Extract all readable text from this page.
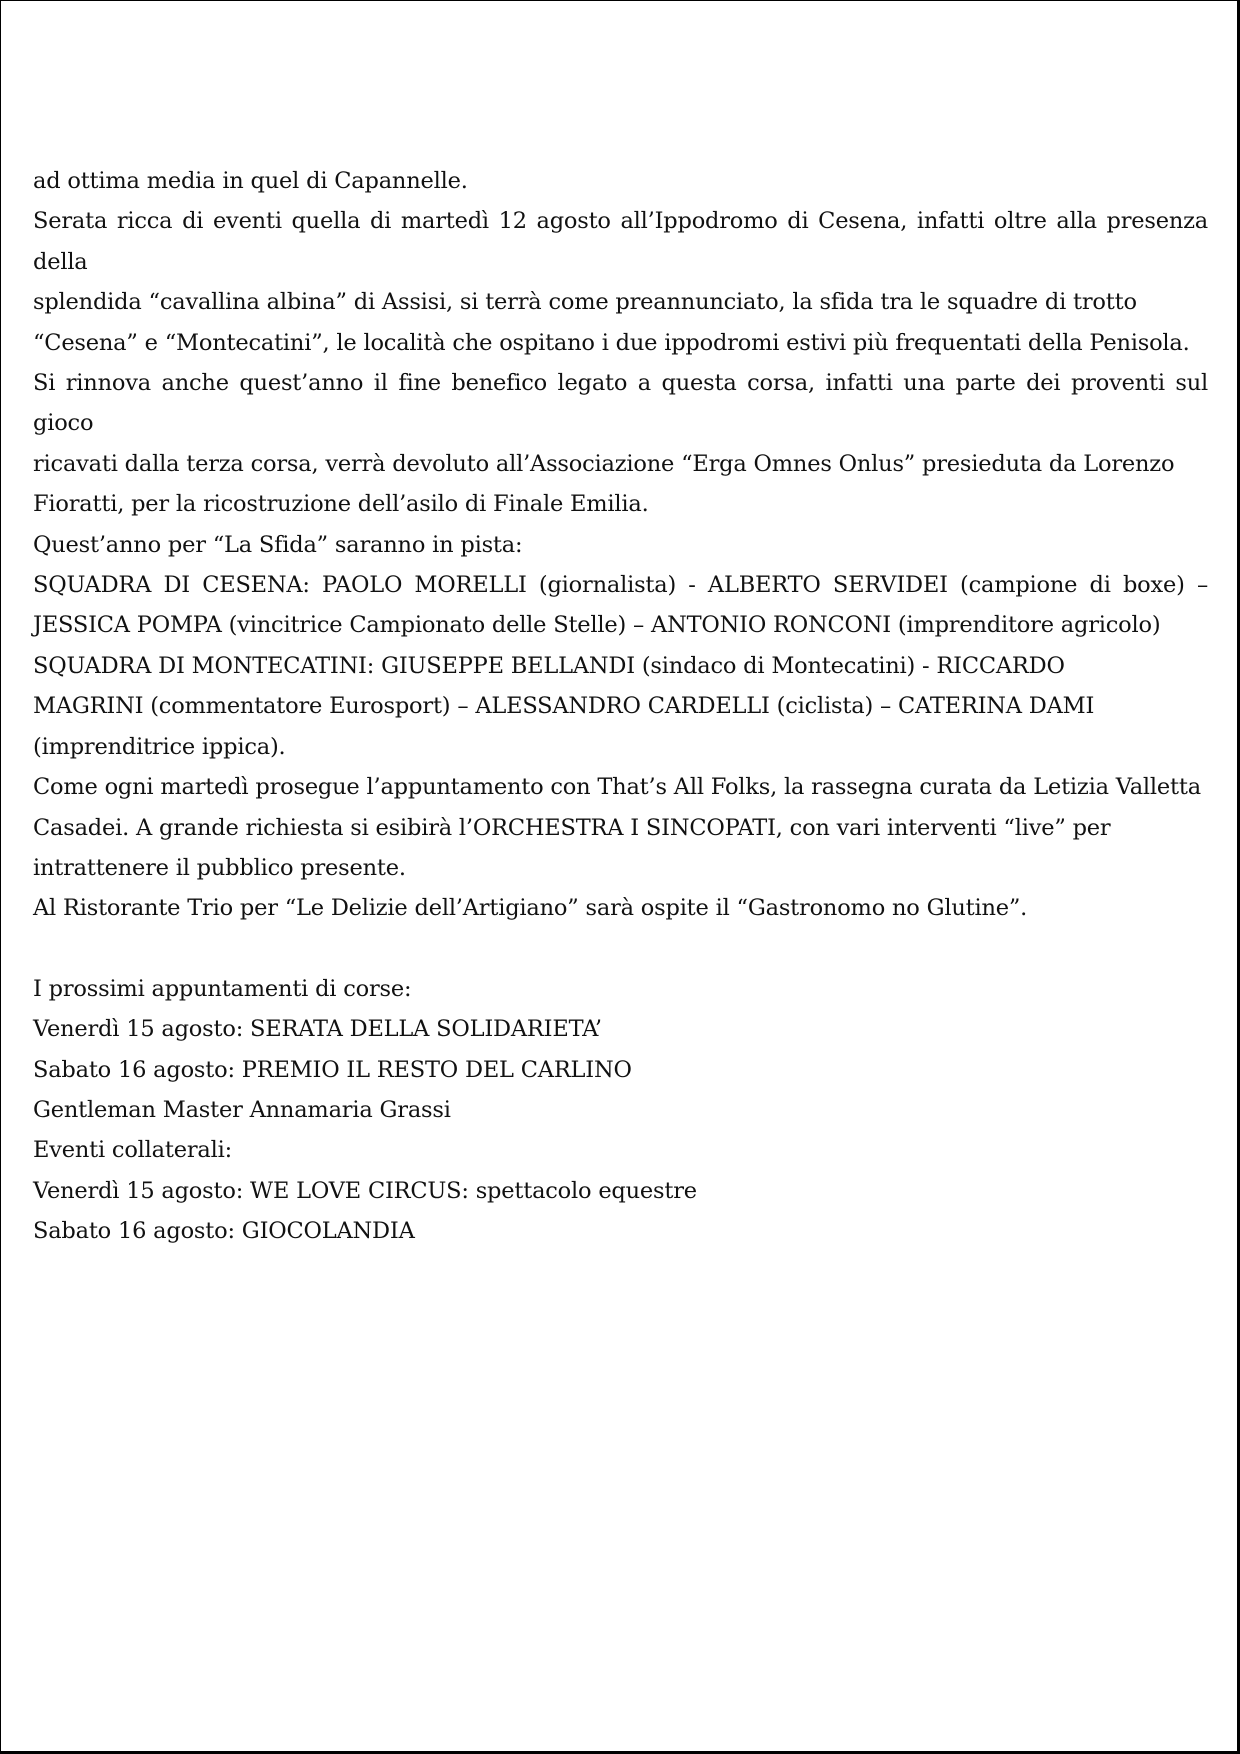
ad ottima media in quel di Capannelle.

Serata ricca di eventi quella di martedì 12 agosto all’Ippodromo di Cesena, infatti oltre alla presenza della
splendida “cavallina albina” di Assisi, si terrà come preannunciato, la sfida tra le squadre di trotto
“Cesena” e “Montecatini”, le località che ospitano i due ippodromi estivi più frequentati della Penisola.

Si rinnova anche quest’anno il fine benefico legato a questa corsa, infatti una parte dei proventi sul gioco
ricavati dalla terza corsa, verrà devoluto all’Associazione “Erga Omnes Onlus” presieduta da Lorenzo
Fioratti, per la ricostruzione dell’asilo di Finale Emilia.

Quest’anno per “La Sfida” saranno in pista:

SQUADRA DI CESENA: PAOLO MORELLI (giornalista) - ALBERTO SERVIDEI (campione di boxe) –
JESSICA POMPA (vincitrice Campionato delle Stelle) – ANTONIO RONCONI (imprenditore agricolo)

SQUADRA DI MONTECATINI: GIUSEPPE BELLANDI (sindaco di Montecatini) - RICCARDO
MAGRINI (commentatore Eurosport) – ALESSANDRO CARDELLI (ciclista) – CATERINA DAMI
(imprenditrice ippica).

Come ogni martedì prosegue l’appuntamento con That’s All Folks, la rassegna curata da Letizia Valletta
Casadei. A grande richiesta si esibirà l’ORCHESTRA I SINCOPATI, con vari interventi “live” per
intrattenere il pubblico presente.

Al Ristorante Trio per “Le Delizie dell’Artigiano” sarà ospite il “Gastronomo no Glutine”.

I prossimi appuntamenti di corse:
Venerdì 15 agosto: SERATA DELLA SOLIDARIETA’
Sabato 16 agosto: PREMIO IL RESTO DEL CARLINO
Gentleman Master Annamaria Grassi
Eventi collaterali:
Venerdì 15 agosto: WE LOVE CIRCUS: spettacolo equestre
Sabato 16 agosto: GIOCOLANDIA
